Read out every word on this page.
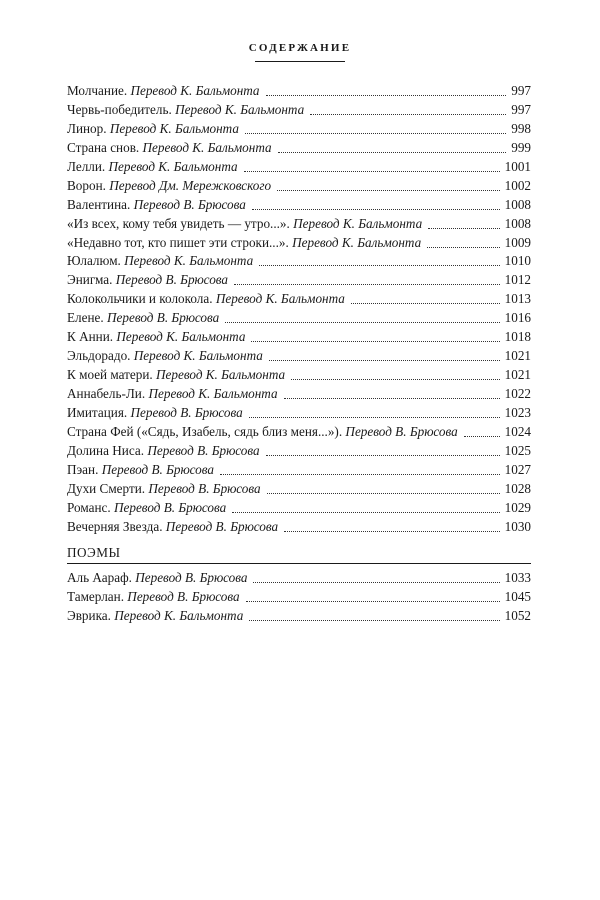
СОДЕРЖАНИЕ
Молчание. Перевод К. Бальмонта	997
Червь-победитель. Перевод К. Бальмонта	997
Линор. Перевод К. Бальмонта	998
Страна снов. Перевод К. Бальмонта	999
Лелли. Перевод К. Бальмонта	1001
Ворон. Перевод Дм. Мережковского	1002
Валентина. Перевод В. Брюсова	1008
«Из всех, кому тебя увидеть — утро...». Перевод К. Бальмонта	1008
«Недавно тот, кто пишет эти строки...». Перевод К. Бальмонта	1009
Юлалюм. Перевод К. Бальмонта	1010
Энигма. Перевод В. Брюсова	1012
Колокольчики и колокола. Перевод К. Бальмонта	1013
Елене. Перевод В. Брюсова	1016
К Анни. Перевод К. Бальмонта	1018
Эльдорадо. Перевод К. Бальмонта	1021
К моей матери. Перевод К. Бальмонта	1021
Аннабель-Ли. Перевод К. Бальмонта	1022
Имитация. Перевод В. Брюсова	1023
Страна Фей («Сядь, Изабель, сядь близ меня...»). Перевод В. Брюсова	1024
Долина Ниса. Перевод В. Брюсова	1025
Пэан. Перевод В. Брюсова	1027
Духи Смерти. Перевод В. Брюсова	1028
Романс. Перевод В. Брюсова	1029
Вечерняя Звезда. Перевод В. Брюсова	1030
ПОЭМЫ
Аль Аараф. Перевод В. Брюсова	1033
Тамерлан. Перевод В. Брюсова	1045
Эврика. Перевод К. Бальмонта	1052
